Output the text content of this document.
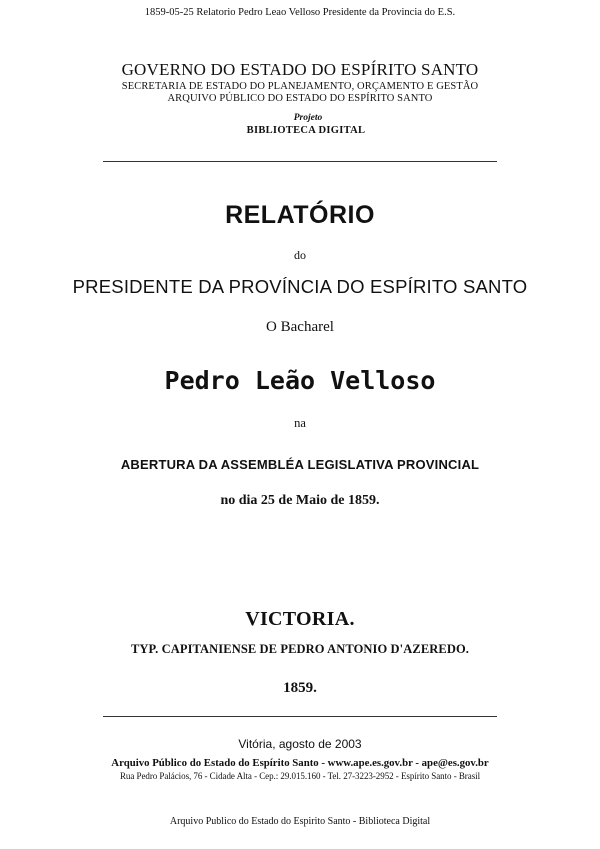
1859-05-25 Relatorio Pedro Leao Velloso Presidente da Provincia do E.S.
GOVERNO DO ESTADO DO ESPÍRITO SANTO
SECRETARIA DE ESTADO DO PLANEJAMENTO, ORÇAMENTO E GESTÃO
ARQUIVO PÚBLICO DO ESTADO DO ESPÍRITO SANTO
Projeto
BIBLIOTECA DIGITAL
RELATÓRIO
do
PRESIDENTE DA PROVÍNCIA DO ESPÍRITO SANTO
O Bacharel
Pedro Leão Velloso
na
ABERTURA DA ASSEMBLÉA LEGISLATIVA PROVINCIAL
no dia 25 de Maio de 1859.
VICTORIA.
TYP. CAPITANIENSE DE PEDRO ANTONIO D'AZEREDO.
1859.
Vitória, agosto de 2003
Arquivo Público do Estado do Espírito Santo - www.ape.es.gov.br - ape@es.gov.br
Rua Pedro Palácios, 76 - Cidade Alta - Cep.: 29.015.160 - Tel. 27-3223-2952 - Espírito Santo - Brasil
Arquivo Publico do Estado do Espirito Santo - Biblioteca Digital
